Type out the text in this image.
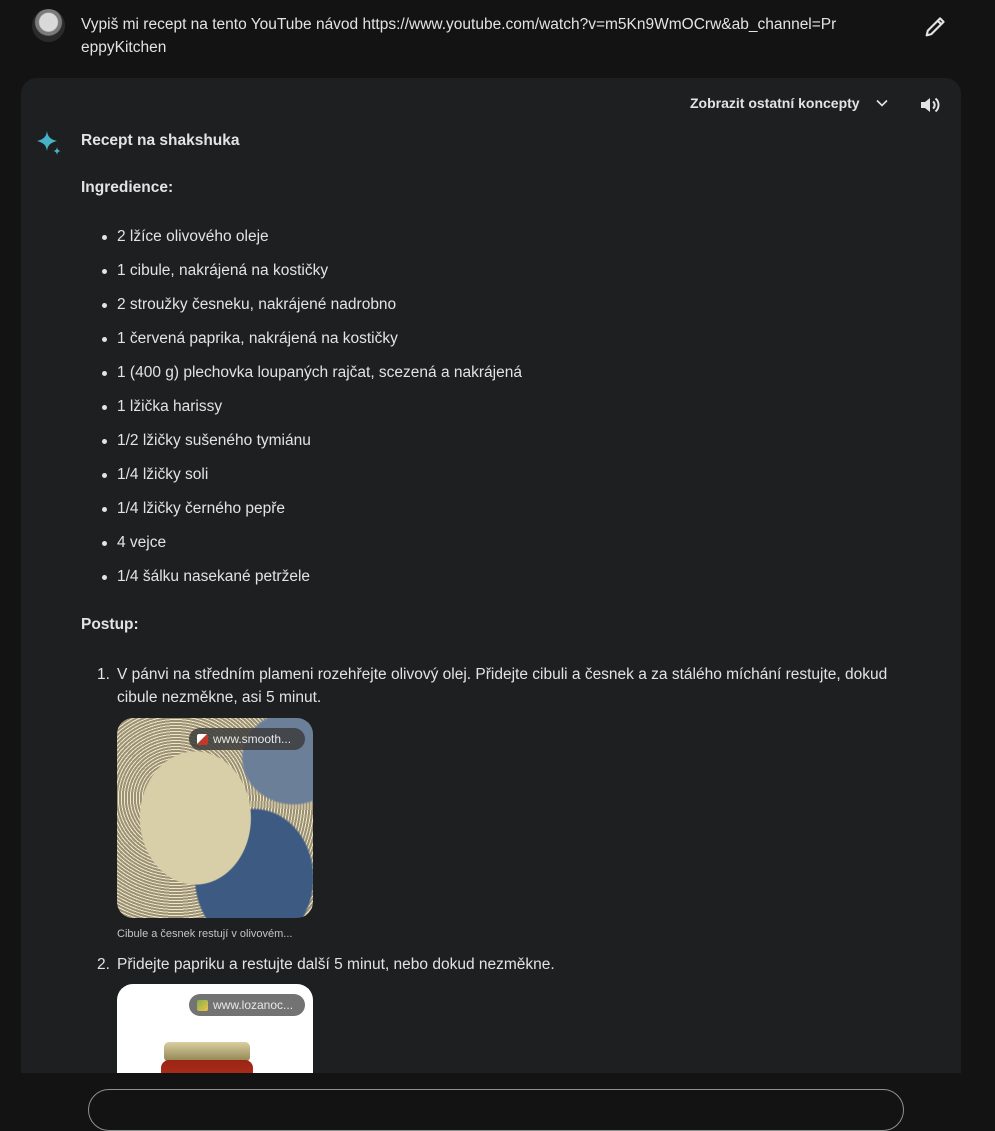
Vypiš mi recept na tento YouTube návod https://www.youtube.com/watch?v=m5Kn9WmOCrw&ab_channel=PreppyKitchen
Zobrazit ostatní koncepty
Recept na shakshuka
Ingredience:
2 lžíce olivového oleje
1 cibule, nakrájená na kostičky
2 stroužky česneku, nakrájené nadrobno
1 červená paprika, nakrájená na kostičky
1 (400 g) plechovka loupaných rajčat, scezená a nakrájená
1 lžička harissy
1/2 lžičky sušeného tymiánu
1/4 lžičky soli
1/4 lžičky černého pepře
4 vejce
1/4 šálku nasekané petržele
Postup:
1. V pánvi na středním plameni rozehřejte olivový olej. Přidejte cibuli a česnek a za stálého míchání restujte, dokud cibule nezměkne, asi 5 minut.
www.smooth...
Cibule a česnek restují v olivovém...
2. Přidejte papriku a restujte další 5 minut, nebo dokud nezměkne.
www.lozanoc...
